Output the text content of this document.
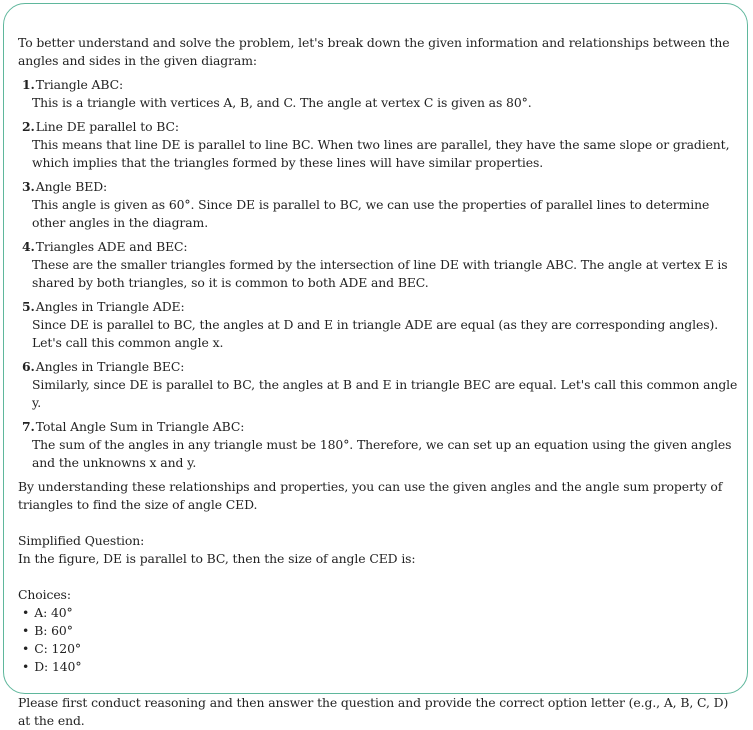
To better understand and solve the problem, let's break down the given information and relationships between the angles and sides in the given diagram:

1.Triangle ABC:
This is a triangle with vertices A, B, and C. The angle at vertex C is given as 80°.
2.Line DE parallel to BC:
This means that line DE is parallel to line BC. When two lines are parallel, they have the same slope or gradient, which implies that the triangles formed by these lines will have similar properties.
3.Angle BED:
This angle is given as 60°. Since DE is parallel to BC, we can use the properties of parallel lines to determine other angles in the diagram.
4.Triangles ADE and BEC:
These are the smaller triangles formed by the intersection of line DE with triangle ABC. The angle at vertex E is shared by both triangles, so it is common to both ADE and BEC.
5.Angles in Triangle ADE:
Since DE is parallel to BC, the angles at D and E in triangle ADE are equal (as they are corresponding angles). Let's call this common angle x.
6.Angles in Triangle BEC:
Similarly, since DE is parallel to BC, the angles at B and E in triangle BEC are equal. Let's call this common angle y.
7.Total Angle Sum in Triangle ABC:
The sum of the angles in any triangle must be 180°. Therefore, we can set up an equation using the given angles and the unknowns x and y.

By understanding these relationships and properties, you can use the given angles and the angle sum property of triangles to find the size of angle CED.

Simplified Question:

In the figure, DE is parallel to BC, then the size of angle CED is:

Choices:

• A: 40°
• B: 60°
• C: 120°
• D: 140°

Please first conduct reasoning and then answer the question and provide the correct option letter (e.g., A, B, C, D) at the end.
